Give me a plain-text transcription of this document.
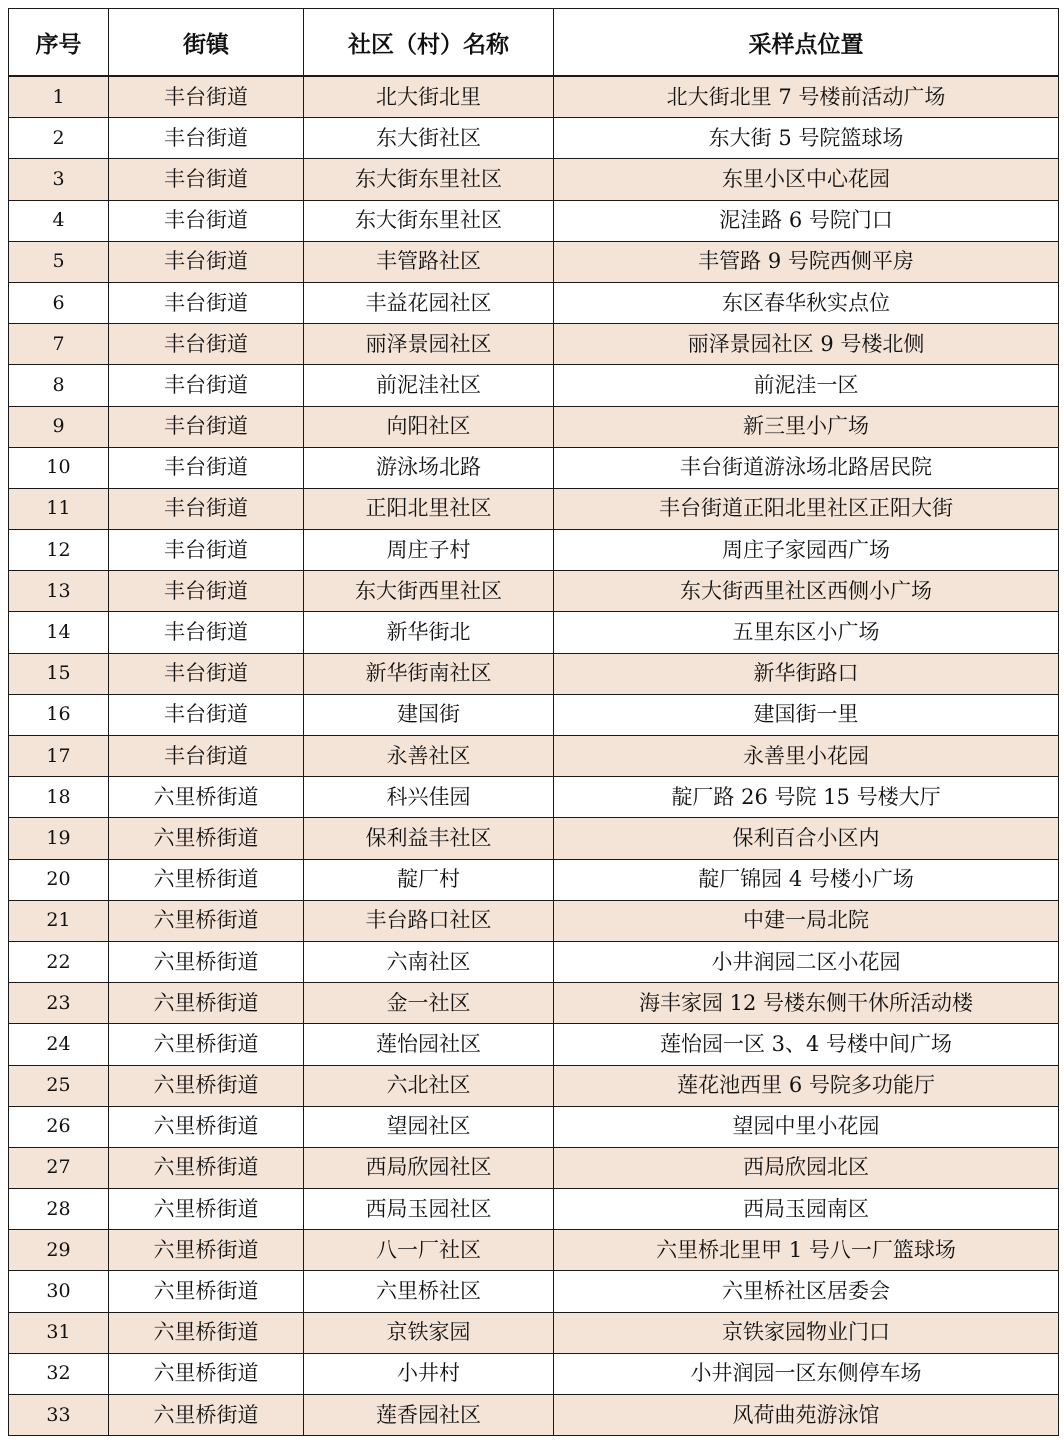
序号	街镇	社区（村）名称	采样点位置
1	丰台街道	北大街北里	北大街北里 7 号楼前活动广场
2	丰台街道	东大街社区	东大街 5 号院篮球场
3	丰台街道	东大街东里社区	东里小区中心花园
4	丰台街道	东大街东里社区	泥洼路 6 号院门口
5	丰台街道	丰管路社区	丰管路 9 号院西侧平房
6	丰台街道	丰益花园社区	东区春华秋实点位
7	丰台街道	丽泽景园社区	丽泽景园社区 9 号楼北侧
8	丰台街道	前泥洼社区	前泥洼一区
9	丰台街道	向阳社区	新三里小广场
10	丰台街道	游泳场北路	丰台街道游泳场北路居民院
11	丰台街道	正阳北里社区	丰台街道正阳北里社区正阳大街
12	丰台街道	周庄子村	周庄子家园西广场
13	丰台街道	东大街西里社区	东大街西里社区西侧小广场
14	丰台街道	新华街北	五里东区小广场
15	丰台街道	新华街南社区	新华街路口
16	丰台街道	建国街	建国街一里
17	丰台街道	永善社区	永善里小花园
18	六里桥街道	科兴佳园	靛厂路 26 号院 15 号楼大厅
19	六里桥街道	保利益丰社区	保利百合小区内
20	六里桥街道	靛厂村	靛厂锦园 4 号楼小广场
21	六里桥街道	丰台路口社区	中建一局北院
22	六里桥街道	六南社区	小井润园二区小花园
23	六里桥街道	金一社区	海丰家园 12 号楼东侧干休所活动楼
24	六里桥街道	莲怡园社区	莲怡园一区 3、4 号楼中间广场
25	六里桥街道	六北社区	莲花池西里 6 号院多功能厅
26	六里桥街道	望园社区	望园中里小花园
27	六里桥街道	西局欣园社区	西局欣园北区
28	六里桥街道	西局玉园社区	西局玉园南区
29	六里桥街道	八一厂社区	六里桥北里甲 1 号八一厂篮球场
30	六里桥街道	六里桥社区	六里桥社区居委会
31	六里桥街道	京铁家园	京铁家园物业门口
32	六里桥街道	小井村	小井润园一区东侧停车场
33	六里桥街道	莲香园社区	风荷曲苑游泳馆
